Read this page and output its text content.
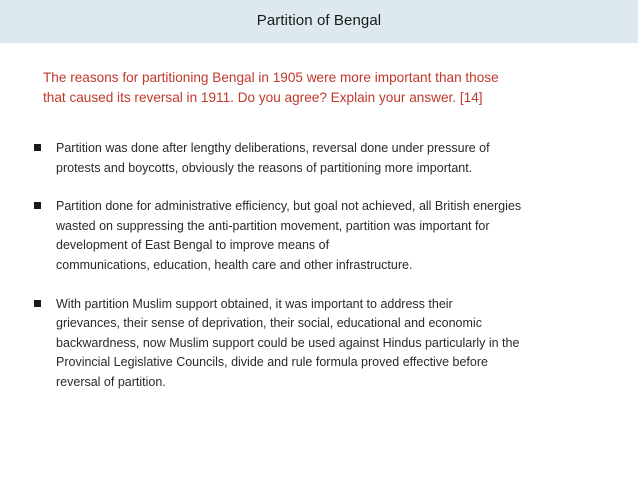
Partition of Bengal
The reasons for partitioning Bengal in 1905 were more important than those
that caused its reversal in 1911. Do you agree? Explain your answer. [14]
Partition was done after lengthy deliberations, reversal done under pressure of
protests and boycotts, obviously the reasons of partitioning more important.
Partition done for administrative efficiency, but goal not achieved, all British energies
wasted on suppressing the anti-partition movement, partition was important for
development of East Bengal to improve means of
communications, education, health care and other infrastructure.
With partition Muslim support obtained, it was important to address their
grievances, their sense of deprivation, their social, educational and economic
backwardness, now Muslim support could be used against Hindus particularly in the
Provincial Legislative Councils, divide and rule formula proved effective before
reversal of partition.
